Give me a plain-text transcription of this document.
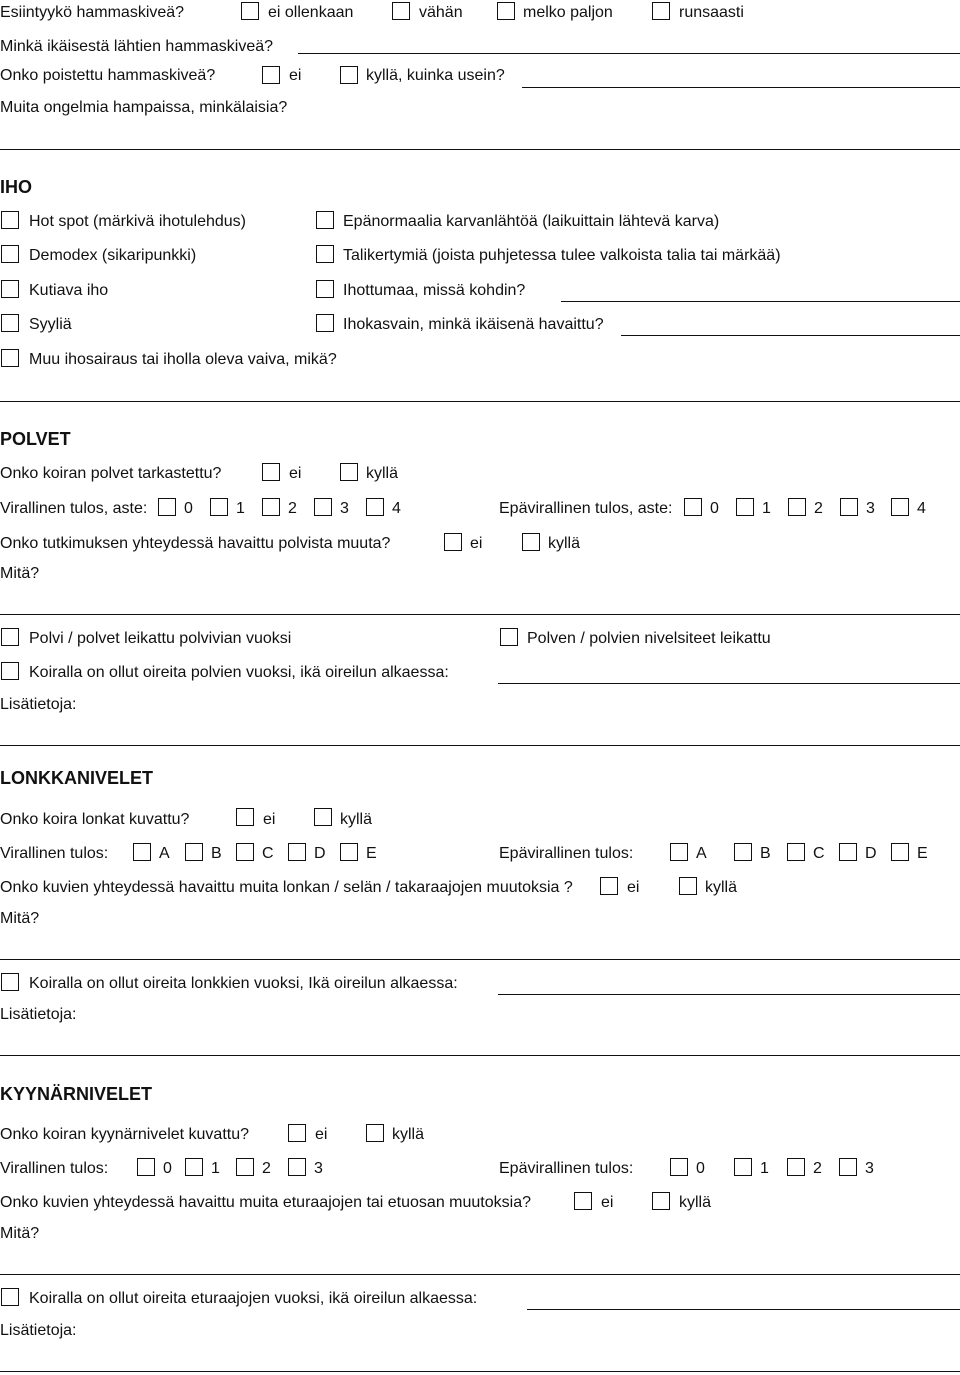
Esiintyykö hammaskiveä?	ei ollenkaan	vähän	melko paljon	runsaasti
Minkä ikäisestä lähtien hammaskiveä?
Onko poistettu hammaskiveä?	ei	kyllä, kuinka usein?
Muita ongelmia hampaissa, minkälaisia?
IHO
Hot spot (märkivä ihotulehdus)	Epänormaalia karvanlähtöä (laikuittain lähtevä karva)
Demodex (sikaripunkki)	Talikertymiä (joista puhjetessa tulee valkoista talia tai märkää)
Kutiava iho	Ihottumaa, missä kohdin?
Syyliä	Ihokasvain, minkä ikäisenä havaittu?
Muu ihosairaus tai iholla oleva vaiva, mikä?
POLVET
Onko koiran polvet tarkastettu?	ei	kyllä
Virallinen tulos, aste: 0	1	2	3	4	Epävirallinen tulos, aste: 0	1	2	3	4
Onko tutkimuksen yhteydessä havaittu polvista muuta?	ei	kyllä
Mitä?
Polvi / polvet leikattu polvivian vuoksi	Polven / polvien nivelsiteet leikattu
Koiralla on ollut oireita polvien vuoksi, ikä oireilun alkaessa:
Lisätietoja:
LONKKANIVELET
Onko koira lonkat kuvattu?	ei	kyllä
Virallinen tulos:	A	B	C	D	E	Epävirallinen tulos:	A	B	C	D	E
Onko kuvien yhteydessä havaittu muita lonkan / selän / takaraajojen muutoksia ?	ei	kyllä
Mitä?
Koiralla on ollut oireita lonkkien vuoksi, Ikä oireilun alkaessa:
Lisätietoja:
KYYNÄRNIVELET
Onko koiran kyynärnivelet kuvattu?	ei	kyllä
Virallinen tulos:	0 1	2	3	Epävirallinen tulos:	0	1	2	3
Onko kuvien yhteydessä havaittu muita eturaajojen tai etuosan muutoksia?	ei	kyllä
Mitä?
Koiralla on ollut oireita eturaajojen vuoksi, ikä oireilun alkaessa:
Lisätietoja:
